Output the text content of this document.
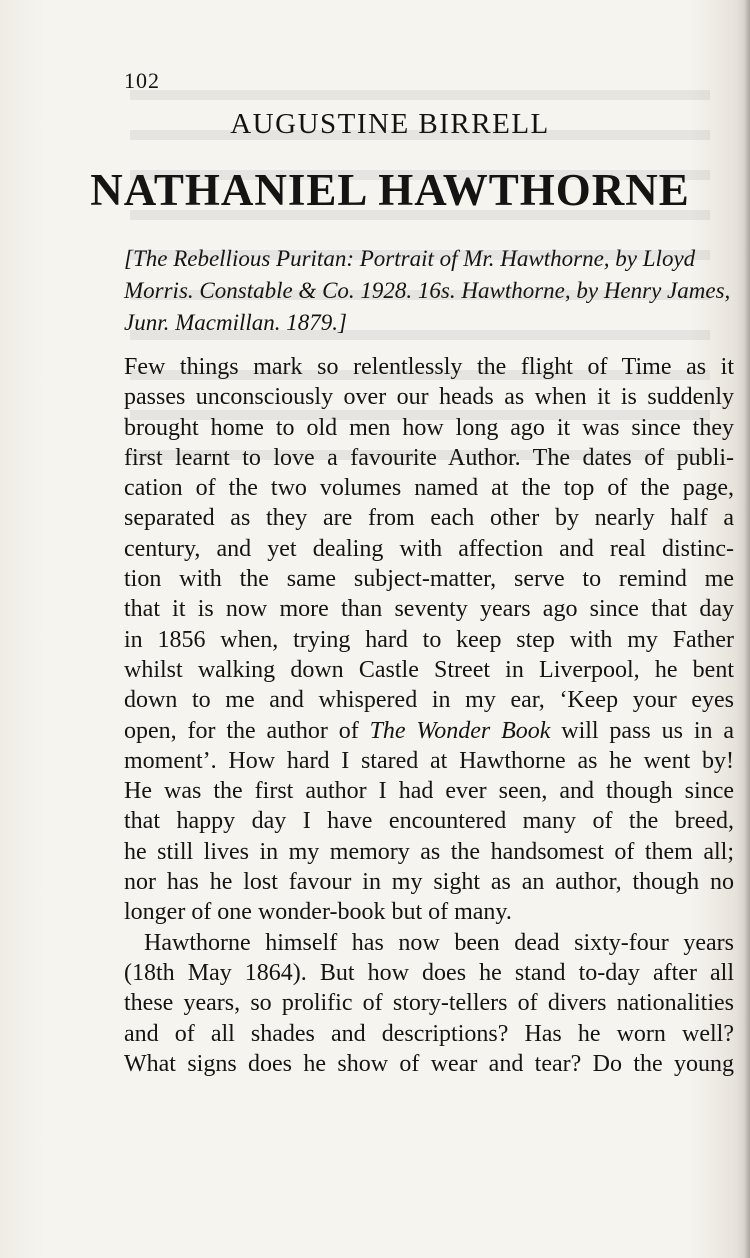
102
AUGUSTINE BIRRELL
NATHANIEL HAWTHORNE

[The Rebellious Puritan: Portrait of Mr. Hawthorne, by Lloyd

Morris. Constable & Co. 1928. 16s. Hawthorne, by Henry James,

Junr. Macmillan. 1879.]

Few things mark so relentlessly the flight of Time as it
passes unconsciously over our heads as when it is suddenly
brought home to old men how long ago it was since they
first learnt to love a favourite Author. The dates of publi-
cation of the two volumes named at the top of the page,
separated as they are from each other by nearly half a
century, and yet dealing with affection and real distinc-
tion with the same subject-matter, serve to remind me
that it is now more than seventy years ago since that day
in 1856 when, trying hard to keep step with my Father
whilst walking down Castle Street in Liverpool, he bent
down to me and whispered in my ear, ‘Keep your eyes
open, for the author of The Wonder Book will pass us in a
moment’. How hard I stared at Hawthorne as he went by!
He was the first author I had ever seen, and though since
that happy day I have encountered many of the breed,
he still lives in my memory as the handsomest of them all;
nor has he lost favour in my sight as an author, though no
longer of one wonder-book but of many.
Hawthorne himself has now been dead sixty-four years
(18th May 1864). But how does he stand to-day after all
these years, so prolific of story-tellers of divers nationalities
and of all shades and descriptions? Has he worn well?
What signs does he show of wear and tear? Do the young
